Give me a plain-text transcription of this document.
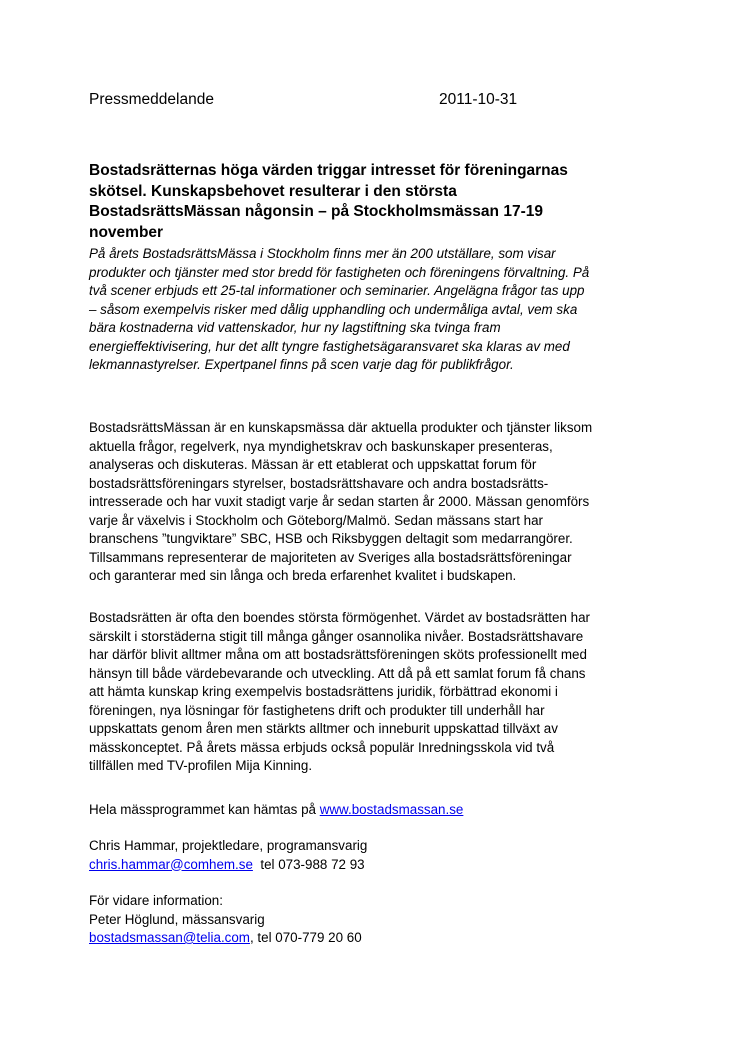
Pressmeddelande	2011-10-31
Bostadsrätternas höga värden triggar intresset för föreningarnas
skötsel. Kunskapsbehovet resulterar i den största
BostadsrättsMässan någonsin – på Stockholmsmässan 17-19
november

På årets BostadsrättsMässa i Stockholm finns mer än 200 utställare, som visar
produkter och tjänster med stor bredd för fastigheten och föreningens förvaltning. På
två scener erbjuds ett 25-tal informationer och seminarier. Angelägna frågor tas upp
– såsom exempelvis risker med dålig upphandling och undermåliga avtal, vem ska
bära kostnaderna vid vattenskador, hur ny lagstiftning ska tvinga fram
energieffektivisering, hur det allt tyngre fastighetsägaransvaret ska klaras av med
lekmannastyrelser. Expertpanel finns på scen varje dag för publikfrågor.

BostadsrättsMässan är en kunskapsmässa där aktuella produkter och tjänster liksom
aktuella frågor, regelverk, nya myndighetskrav och baskunskaper presenteras,
analyseras och diskuteras. Mässan är ett etablerat och uppskattat forum för
bostadsrättsföreningars styrelser, bostadsrättshavare och andra bostadsrätts-
intresserade och har vuxit stadigt varje år sedan starten år 2000. Mässan genomförs
varje år växelvis i Stockholm och Göteborg/Malmö. Sedan mässans start har
branschens ”tungviktare” SBC, HSB och Riksbyggen deltagit som medarrangörer.
Tillsammans representerar de majoriteten av Sveriges alla bostadsrättsföreningar
och garanterar med sin långa och breda erfarenhet kvalitet i budskapen.

Bostadsrätten är ofta den boendes största förmögenhet. Värdet av bostadsrätten har
särskilt i storstäderna stigit till många gånger osannolika nivåer. Bostadsrättshavare
har därför blivit alltmer måna om att bostadsrättsföreningen sköts professionellt med
hänsyn till både värdebevarande och utveckling. Att då på ett samlat forum få chans
att hämta kunskap kring exempelvis bostadsrättens juridik, förbättrad ekonomi i
föreningen, nya lösningar för fastighetens drift och produkter till underhåll har
uppskattats genom åren men stärkts alltmer och inneburit uppskattad tillväxt av
mässkonceptet. På årets mässa erbjuds också populär Inredningsskola vid två
tillfällen med TV-profilen Mija Kinning.

Hela mässprogrammet kan hämtas på www.bostadsmassan.se

Chris Hammar, projektledare, programansvarig
chris.hammar@comhem.se  tel 073-988 72 93

För vidare information:
Peter Höglund, mässansvarig
bostadsmassan@telia.com, tel 070-779 20 60
